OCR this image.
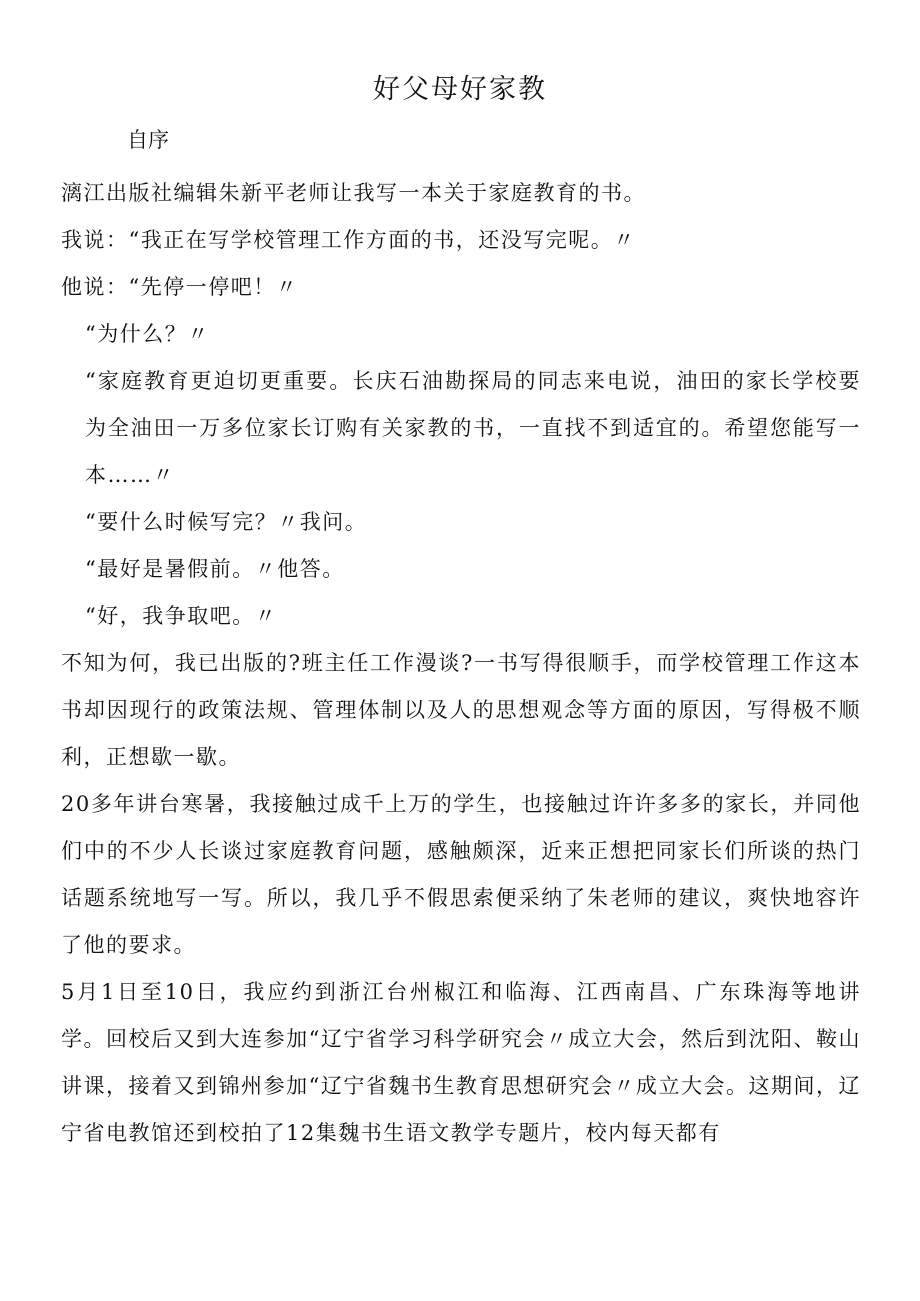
好父母好家教
自序

漓江出版社编辑朱新平老师让我写一本关于家庭教育的书。

我说：“我正在写学校管理工作方面的书，还没写完呢。〃

他说：“先停一停吧！〃

“为什么？〃

“家庭教育更迫切更重要。长庆石油勘探局的同志来电说，油田的家长学校要为全油田一万多位家长订购有关家教的书，一直找不到适宜的。希望您能写一本……〃

“要什么时候写完？〃我问。

“最好是暑假前。〃他答。

“好，我争取吧。〃

不知为何，我已出版的?班主任工作漫谈?一书写得很顺手，而学校管理工作这本书却因现行的政策法规、管理体制以及人的思想观念等方面的原因，写得极不顺利，正想歇一歇。

20多年讲台寒暑，我接触过成千上万的学生，也接触过许许多多的家长，并同他们中的不少人长谈过家庭教育问题，感触颇深，近来正想把同家长们所谈的热门话题系统地写一写。所以，我几乎不假思索便采纳了朱老师的建议，爽快地容许了他的要求。

5月1日至10日，我应约到浙江台州椒江和临海、江西南昌、广东珠海等地讲学。回校后又到大连参加“辽宁省学习科学研究会〃成立大会，然后到沈阳、鞍山讲课，接着又到锦州参加“辽宁省魏书生教育思想研究会〃成立大会。这期间，辽宁省电教馆还到校拍了12集魏书生语文教学专题片，校内每天都有
